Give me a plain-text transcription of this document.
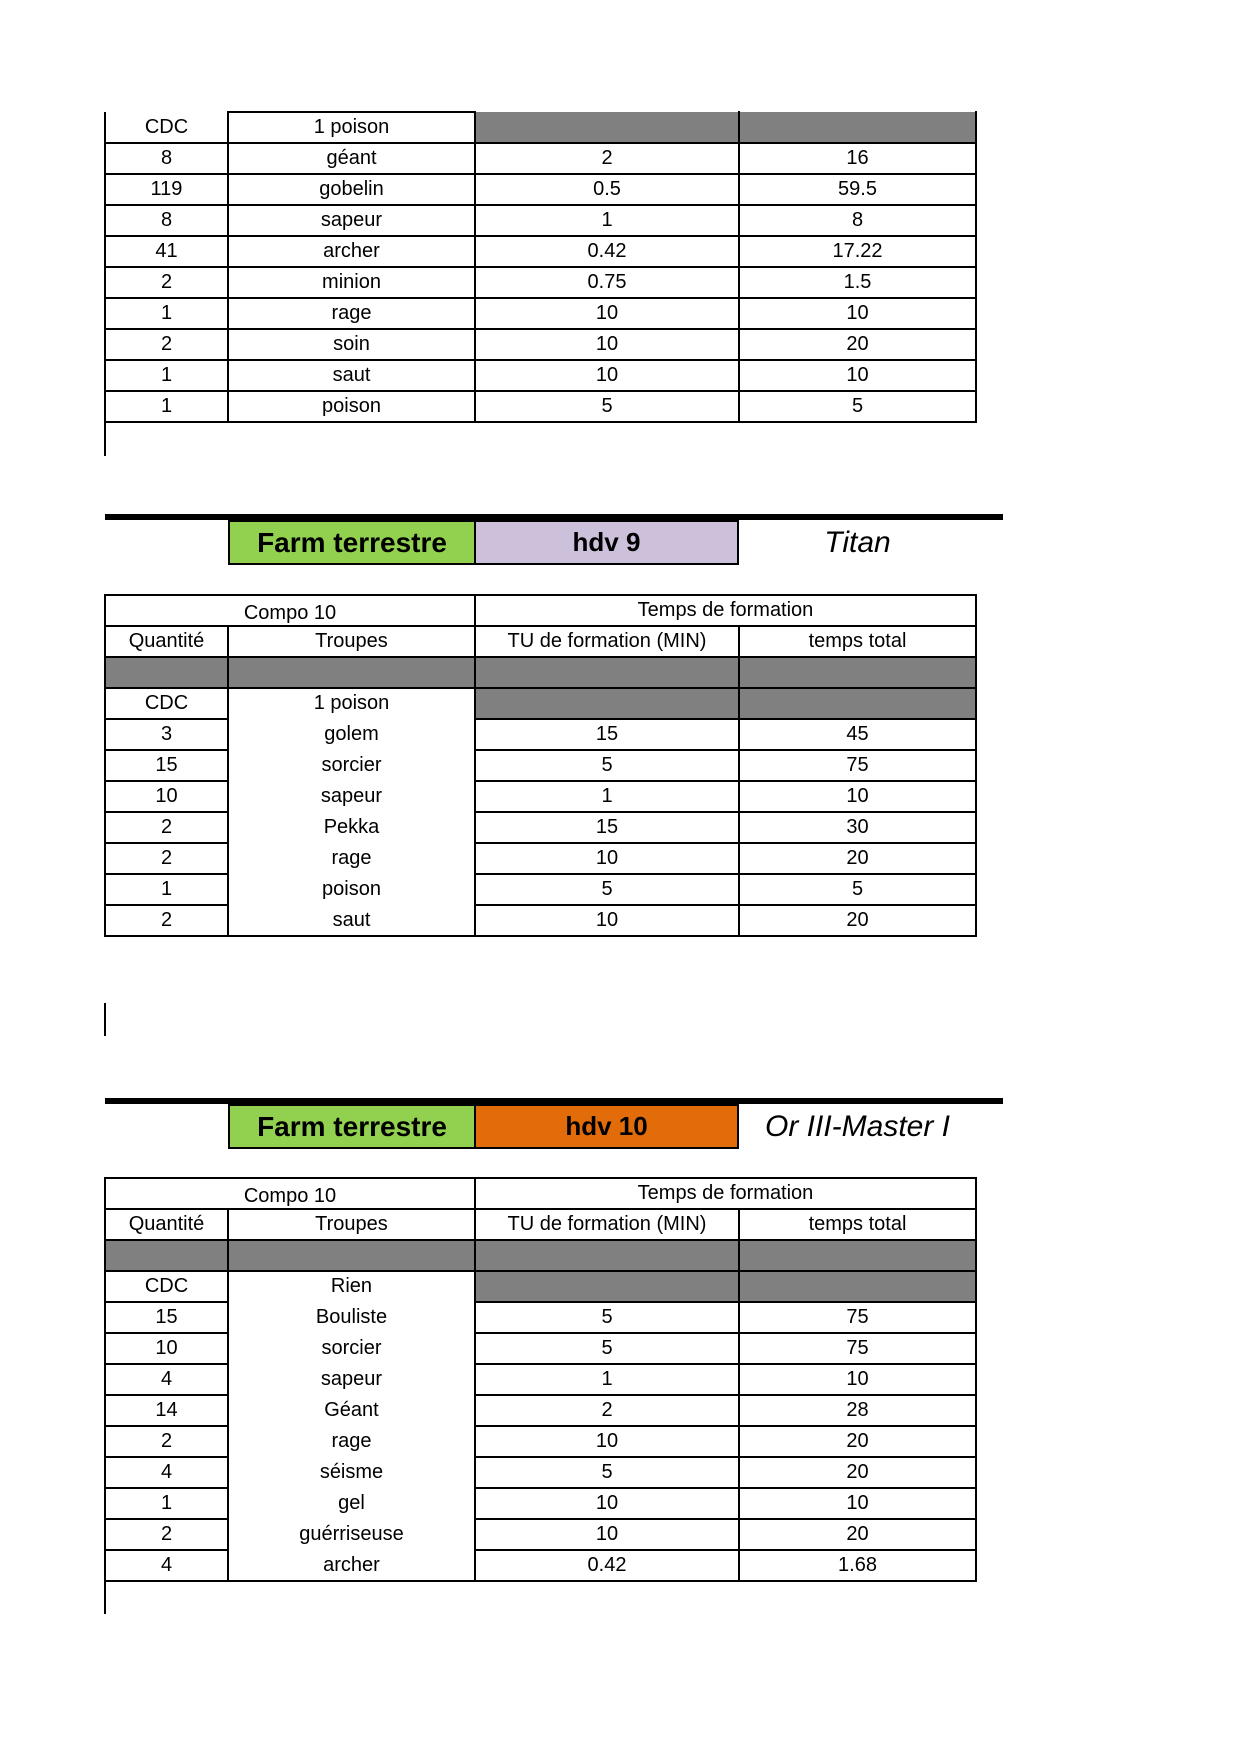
CDC	1 poison
8	géant	2	16
119	gobelin	0.5	59.5
8	sapeur	1	8
41	archer	0.42	17.22
2	minion	0.75	1.5
1	rage	10	10
2	soin	10	20
1	saut	10	10
1	poison	5	5
Farm terrestre	hdv 9	Titan
Compo 10	Temps de formation
Quantité	Troupes	TU de formation (MIN)	temps total
CDC	1 poison
3	golem	15	45
15	sorcier	5	75
10	sapeur	1	10
2	Pekka	15	30
2	rage	10	20
1	poison	5	5
2	saut	10	20
Farm terrestre	hdv 10	Or III-Master I
Compo 10	Temps de formation
Quantité	Troupes	TU de formation (MIN)	temps total
CDC	Rien
15	Bouliste	5	75
10	sorcier	5	75
4	sapeur	1	10
14	Géant	2	28
2	rage	10	20
4	séisme	5	20
1	gel	10	10
2	guérriseuse	10	20
4	archer	0.42	1.68
